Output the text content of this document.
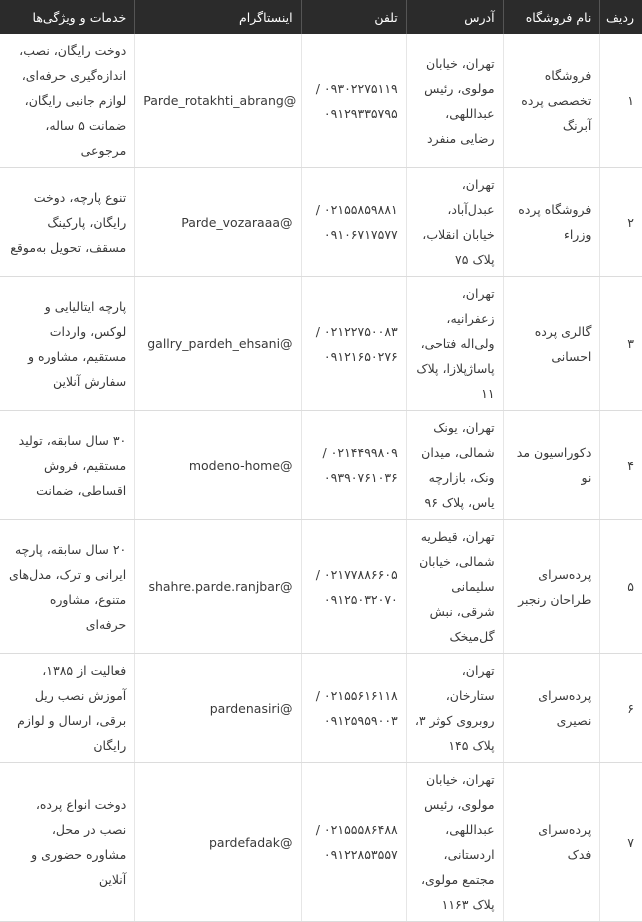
ردیف	نام فروشگاه	آدرس	تلفن	اینستاگرام	خدمات و ویژگی‌ها
۱	فروشگاه تخصصی پرده آبرنگ	تهران، خیابان مولوی، رئیس عبداللهی، رضایی منفرد	۰۹۳۰۲۲۷۵۱۱۹ / ۰۹۱۲۹۳۳۵۷۹۵	Parde_rotakhti_abrang@	دوخت رایگان، نصب، اندازه‌گیری حرفه‌ای، لوازم جانبی رایگان، ضمانت ۵ ساله، مرجوعی
۲	فروشگاه پرده وزراء	تهران، عبدل‌آباد، خیابان انقلاب، پلاک ۷۵	۰۲۱۵۵۸۵۹۸۸۱ / ۰۹۱۰۶۷۱۷۵۷۷	Parde_vozaraaa@	تنوع پارچه، دوخت رایگان، پارکینگ مسقف، تحویل به‌موقع
۳	گالری پرده احسانی	تهران، زعفرانیه، ولی‌اله فتاحی، پاساژپلازا، پلاک ۱۱	۰۲۱۲۲۷۵۰۰۸۳ / ۰۹۱۲۱۶۵۰۲۷۶	gallry_pardeh_ehsani@	پارچه ایتالیایی و لوکس، واردات مستقیم، مشاوره و سفارش آنلاین
۴	دکوراسیون مد نو	تهران، یونک شمالی، میدان ونک، بازارچه یاس، پلاک ۹۶	۰۲۱۴۴۹۹۸۰۹ / ۰۹۳۹۰۷۶۱۰۳۶	modeno-home@	۳۰ سال سابقه، تولید مستقیم، فروش اقساطی، ضمانت
۵	پرده‌سرای طراحان رنجبر	تهران، قیطریه شمالی، خیابان سلیمانی شرقی، نبش گل‌میخک	۰۲۱۷۷۸۸۶۶۰۵ / ۰۹۱۲۵۰۳۲۰۷۰	shahre.parde.ranjbar@	۲۰ سال سابقه، پارچه ایرانی و ترک، مدل‌های متنوع، مشاوره حرفه‌ای
۶	پرده‌سرای نصیری	تهران، ستارخان، روبروی کوثر ۳، پلاک ۱۴۵	۰۲۱۵۵۶۱۶۱۱۸ / ۰۹۱۲۵۹۵۹۰۰۳	pardenasiri@	فعالیت از ۱۳۸۵، آموزش نصب ریل برقی، ارسال و لوازم رایگان
۷	پرده‌سرای فدک	تهران، خیابان مولوی، رئیس عبداللهی، اردستانی، مجتمع مولوی، پلاک ۱۱۶۳	۰۲۱۵۵۵۸۶۴۸۸ / ۰۹۱۲۲۸۵۳۵۵۷	pardefadak@	دوخت انواع پرده، نصب در محل، مشاوره حضوری و آنلاین
